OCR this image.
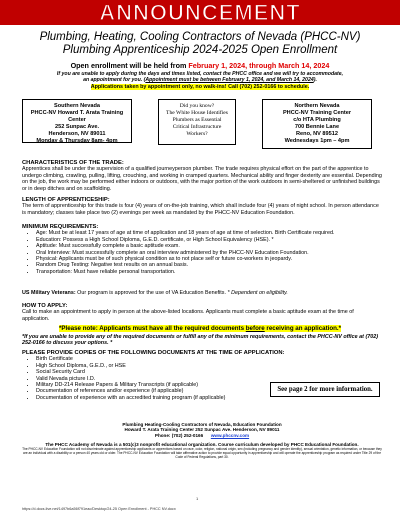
ANNOUNCEMENT
Plumbing, Heating, Cooling Contractors of Nevada (PHCC-NV)
Plumbing Apprenticeship 2024-2025 Open Enrollment
Open enrollment will be held from February 1, 2024, through March 14, 2024
If you are unable to apply during the days and times listed, contact the PHCC office and we will try to accommodate,
an appointment for you. (Appointment must be between February 1, 2024, and March 14, 2024).
Applications taken by appointment only, no walk-ins! Call (702) 252-0166 to schedule.
Southern Nevada
PHCC-NV Howard T. Arata Training Center
252 Sunpac Ave.
Henderson, NV 89011
Monday & Thursday 8am- 4pm
Did you know?
The White House Identifies
Plumbers as Essential
Critical Infrastructure
Workers?
Northern Nevada
PHCC-NV Training Center
c/o HTA Plumbing
700 Bennie Lane
Reno, NV 89512
Wednesdays 1pm – 4pm
CHARACTERISTICS OF THE TRADE:
Apprentices shall be under the supervision of a qualified journeyperson plumber. The trade requires physical effort on the part of the apprentice to undergo climbing, crawling, pulling, lifting, crouching, and working in cramped quarters. Mechanical ability and finger dexterity are essential. Depending on the job, the work may be performed either indoors or outdoors, with the major portion of the work outdoors in semi-sheltered or unfinished buildings or in deep ditches and on scaffolding.
LENGTH OF APPRENTICESHIP:
The term of apprenticeship for this trade is four (4) years of on-the-job training, which shall include four (4) years of night school. In person attendance is mandatory; classes take place two (2) evenings per week as mandated by the PHCC-NV Education Foundation.
MINIMUM REQUIREMENTS:
• Age: Must be at least 17 years of age at time of application and 18 years of age at time of selection. Birth Certificate required.
• Education: Possess a High School Diploma, G.E.D. certificate, or High School Equivalency (HSE). *
• Aptitude: Must successfully complete a basic aptitude exam.
• Oral Interview: Must successfully complete an oral interview administered by the PHCC-NV Education Foundation.
• Physical: Applicants must be of such physical condition as to not place self or future co-workers in jeopardy.
• Random Drug Testing: Negative test results on an annual basis.
• Transportation: Must have reliable personal transportation.
US Military Veterans: Our program is approved for the use of VA Education Benefits. * Dependent on eligibility.
HOW TO APPLY:
Call to make an appointment to apply in person at the above-listed locations. Applicants must complete a basic aptitude exam at the time of application.
*Please note: Applicants must have all the required documents before receiving an application.*
*If you are unable to provide any of the required documents or fulfill any of the minimum requirements, contact the PHCC-NV office at (702) 252-0166 to discuss your options. *
PLEASE PROVIDE COPIES OF THE FOLLOWING DOCUMENTS AT THE TIME OF APPLICATION:
• Birth Certificate
• High School Diploma, G.E.D., or HSE
• Social Security Card
• Valid Nevada picture I.D.
• Military DD-214 Release Papers & Military Transcripts (if applicable)
• Documentation of references and/or experience (if applicable)
• Documentation of experience with an accredited training program (if applicable)
See page 2 for more information.
Plumbing Heating-Cooling Contractors of Nevada, Education Foundation
Howard T. Arata Training Center 252 Sunpac Ave. Henderson, NV 89011
Phone: (702) 252-0166 www.phccnv.com
The PHCC Academy of Nevada is a 501(c)3 nonprofit educational organization. Course curriculum developed by PHCC Educational Foundation.
The PHCC-NV Education Foundation will not discriminate against apprenticeship applicants or apprentices based on race, color, religion, national origin, sex (including pregnancy and gender identity), sexual orientation, genetic information, or because they are an individual with a disability or a person 40 years old or older. The PHCC-NV Education Foundation will take affirmative action to provide equal opportunity in apprenticeship and will operate the apprenticeship program as required under Title 29 of the Code of Federal Regulations, part 30.
1
https://d.docs.live.net/1497b6a56f791eac/Desktop/24-25 Open Enrollment - PHCC NV.docx
